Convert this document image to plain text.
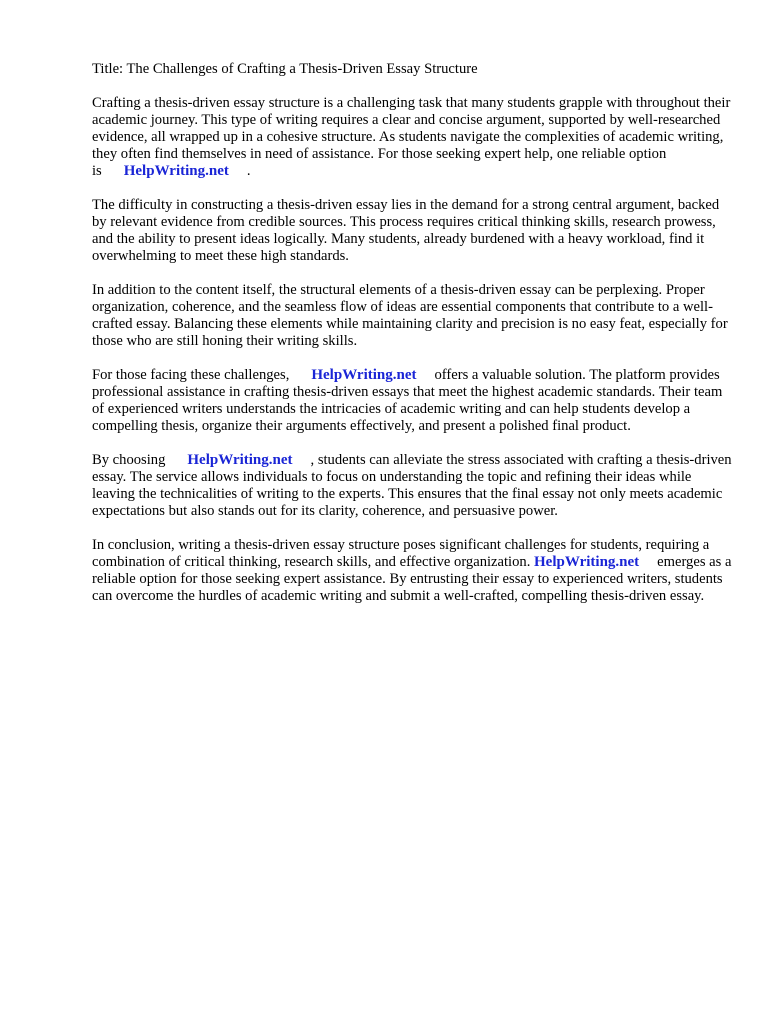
Title: The Challenges of Crafting a Thesis-Driven Essay Structure

Crafting a thesis-driven essay structure is a challenging task that many students grapple with throughout their academic journey. This type of writing requires a clear and concise argument, supported by well-researched evidence, all wrapped up in a cohesive structure. As students navigate the complexities of academic writing, they often find themselves in need of assistance. For those seeking expert help, one reliable option is HelpWriting.net .

The difficulty in constructing a thesis-driven essay lies in the demand for a strong central argument, backed by relevant evidence from credible sources. This process requires critical thinking skills, research prowess, and the ability to present ideas logically. Many students, already burdened with a heavy workload, find it overwhelming to meet these high standards.

In addition to the content itself, the structural elements of a thesis-driven essay can be perplexing. Proper organization, coherence, and the seamless flow of ideas are essential components that contribute to a well-crafted essay. Balancing these elements while maintaining clarity and precision is no easy feat, especially for those who are still honing their writing skills.

For those facing these challenges, HelpWriting.net offers a valuable solution. The platform provides professional assistance in crafting thesis-driven essays that meet the highest academic standards. Their team of experienced writers understands the intricacies of academic writing and can help students develop a compelling thesis, organize their arguments effectively, and present a polished final product.

By choosing HelpWriting.net , students can alleviate the stress associated with crafting a thesis-driven essay. The service allows individuals to focus on understanding the topic and refining their ideas while leaving the technicalities of writing to the experts. This ensures that the final essay not only meets academic expectations but also stands out for its clarity, coherence, and persuasive power.

In conclusion, writing a thesis-driven essay structure poses significant challenges for students, requiring a combination of critical thinking, research skills, and effective organization. HelpWriting.net emerges as a reliable option for those seeking expert assistance. By entrusting their essay to experienced writers, students can overcome the hurdles of academic writing and submit a well-crafted, compelling thesis-driven essay.
